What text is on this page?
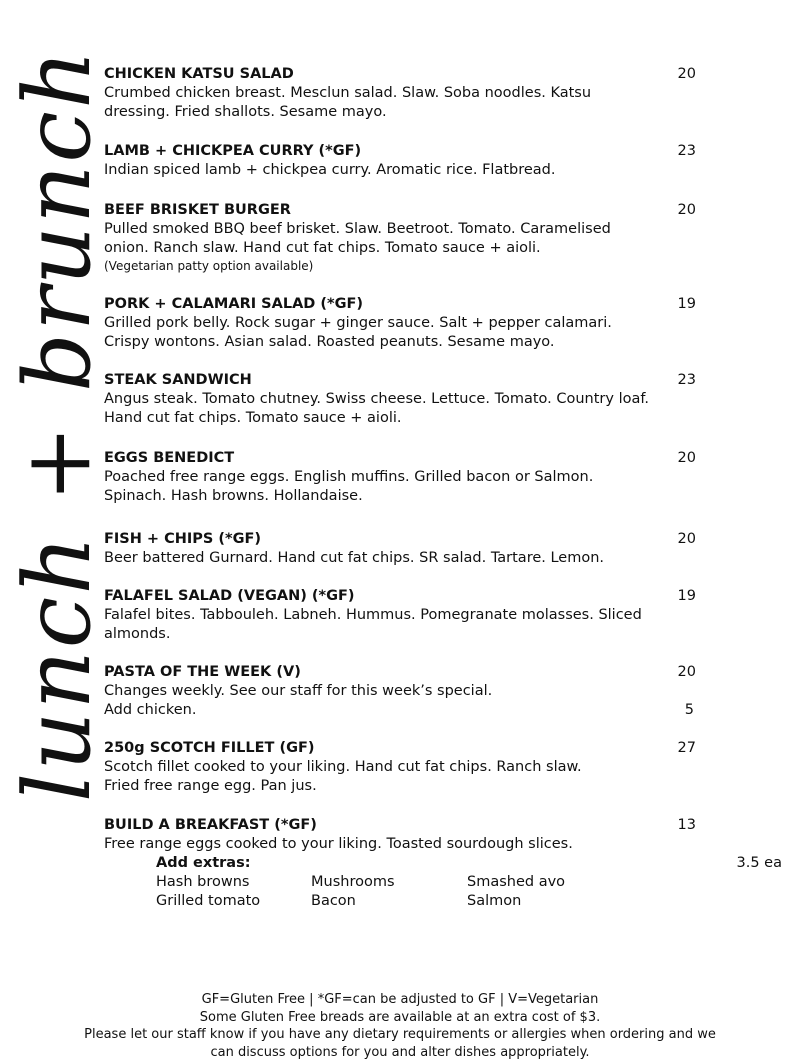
lunch + brunch
CHICKEN KATSU SALAD	20
Crumbed chicken breast. Mesclun salad. Slaw. Soba noodles. Katsu
dressing. Fried shallots. Sesame mayo.
LAMB + CHICKPEA CURRY (*GF)	23
Indian spiced lamb + chickpea curry. Aromatic rice. Flatbread.
BEEF BRISKET BURGER	20
Pulled smoked BBQ beef brisket. Slaw. Beetroot. Tomato. Caramelised
onion. Ranch slaw. Hand cut fat chips. Tomato sauce + aioli.
(Vegetarian patty option available)
PORK + CALAMARI SALAD (*GF)	19
Grilled pork belly. Rock sugar + ginger sauce. Salt + pepper calamari.
Crispy wontons. Asian salad. Roasted peanuts. Sesame mayo.
STEAK SANDWICH	23
Angus steak. Tomato chutney. Swiss cheese. Lettuce. Tomato. Country loaf.
Hand cut fat chips. Tomato sauce + aioli.
EGGS BENEDICT	20
Poached free range eggs. English muffins. Grilled bacon or Salmon.
Spinach. Hash browns. Hollandaise.
FISH + CHIPS (*GF)	20
Beer battered Gurnard. Hand cut fat chips. SR salad. Tartare. Lemon.
FALAFEL SALAD (VEGAN) (*GF)	19
Falafel bites. Tabbouleh. Labneh. Hummus. Pomegranate molasses. Sliced
almonds.
PASTA OF THE WEEK (V)	20
Changes weekly. See our staff for this week’s special.
Add chicken.	5
250g SCOTCH FILLET (GF)	27
Scotch fillet cooked to your liking. Hand cut fat chips. Ranch slaw.
Fried free range egg. Pan jus.
BUILD A BREAKFAST (*GF)	13
Free range eggs cooked to your liking. Toasted sourdough slices.
Add extras:	3.5 ea
Hash browns	Mushrooms	Smashed avo
Grilled tomato	Bacon	Salmon
GF=Gluten Free | *GF=can be adjusted to GF | V=Vegetarian
Some Gluten Free breads are available at an extra cost of $3.
Please let our staff know if you have any dietary requirements or allergies when ordering and we
can discuss options for you and alter dishes appropriately.
